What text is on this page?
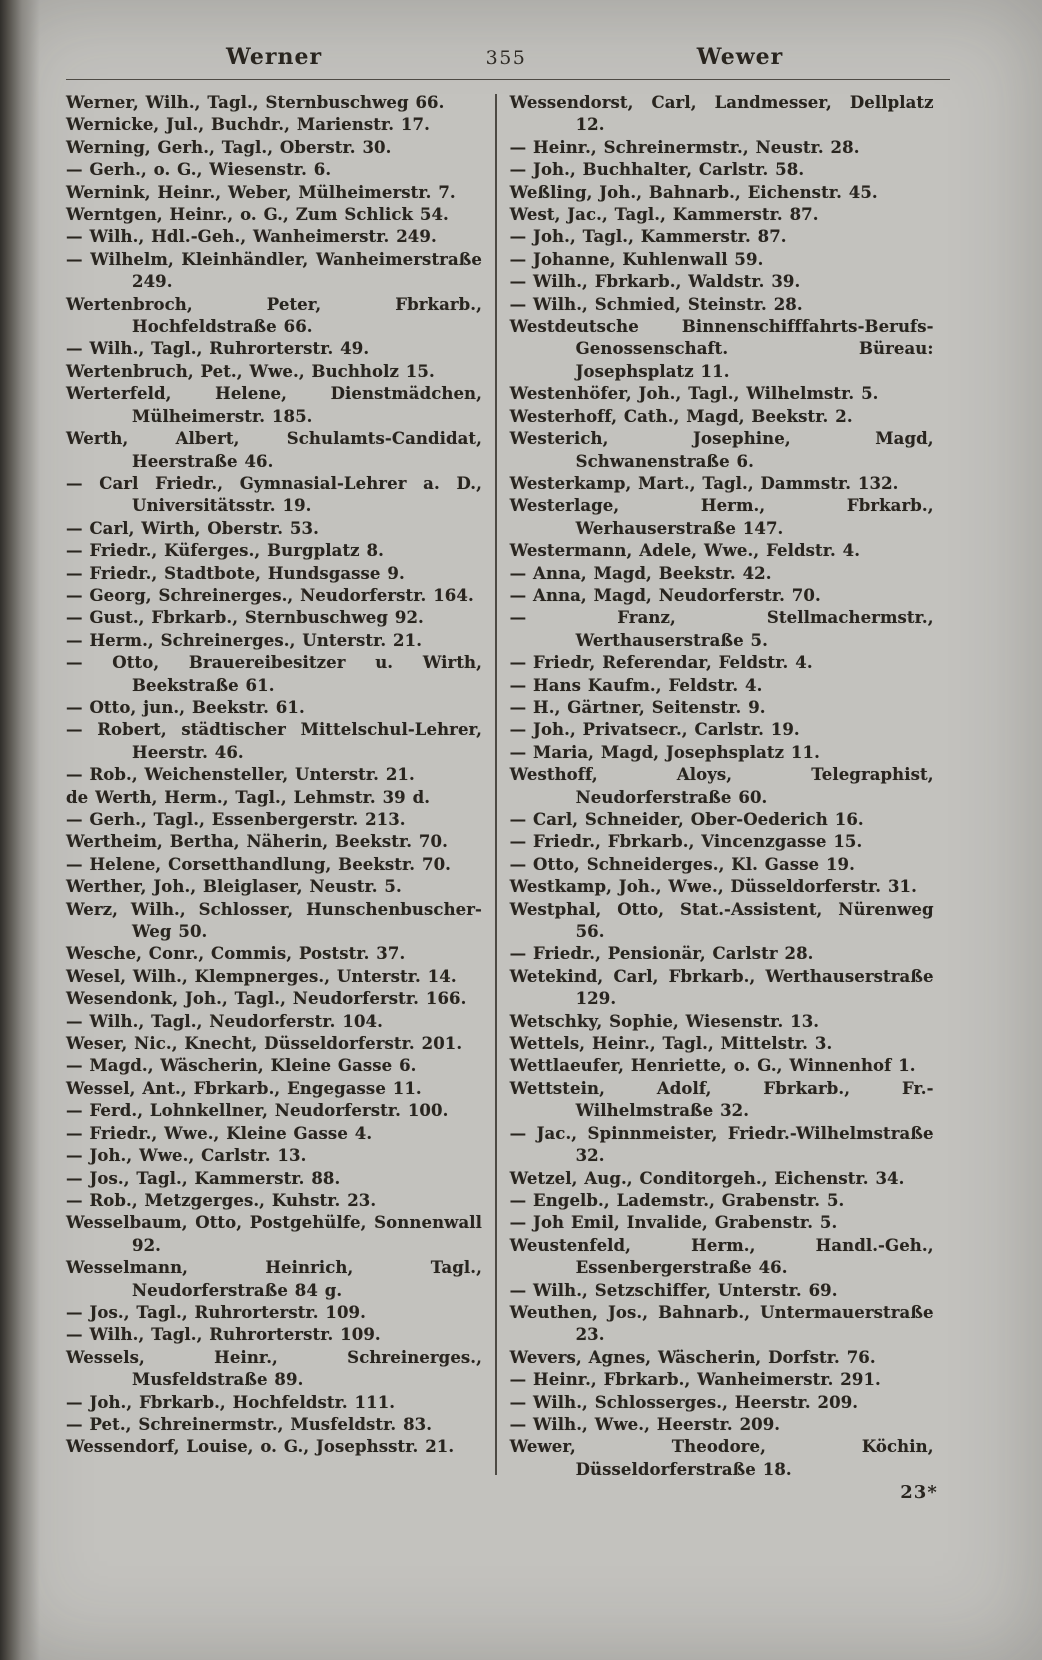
Werner	355	Wewer

Werner, Wilh., Tagl., Sternbuschweg 66.

Wernicke, Jul., Buchdr., Marienstr. 17.

Werning, Gerh., Tagl., Oberstr. 30.

— Gerh., o. G., Wiesenstr. 6.

Wernink, Heinr., Weber, Mülheimerstr. 7.

Werntgen, Heinr., o. G., Zum Schlick 54.

— Wilh., Hdl.-Geh., Wanheimerstr. 249.

— Wilhelm, Kleinhändler, Wanheimerstraße 249.

Wertenbroch, Peter, Fbrkarb., Hochfeldstraße 66.

— Wilh., Tagl., Ruhrorterstr. 49.

Wertenbruch, Pet., Wwe., Buchholz 15.

Werterfeld, Helene, Dienstmädchen, Mülheimerstr. 185.

Werth, Albert, Schulamts-Candidat, Heerstraße 46.

— Carl Friedr., Gymnasial-Lehrer a. D., Universitätsstr. 19.

— Carl, Wirth, Oberstr. 53.

— Friedr., Küferges., Burgplatz 8.

— Friedr., Stadtbote, Hundsgasse 9.

— Georg, Schreinerges., Neudorferstr. 164.

— Gust., Fbrkarb., Sternbuschweg 92.

— Herm., Schreinerges., Unterstr. 21.

— Otto, Brauereibesitzer u. Wirth, Beekstraße 61.

— Otto, jun., Beekstr. 61.

— Robert, städtischer Mittelschul-Lehrer, Heerstr. 46.

— Rob., Weichensteller, Unterstr. 21.

de Werth, Herm., Tagl., Lehmstr. 39 d.

— Gerh., Tagl., Essenbergerstr. 213.

Wertheim, Bertha, Näherin, Beekstr. 70.

— Helene, Corsetthandlung, Beekstr. 70.

Werther, Joh., Bleiglaser, Neustr. 5.

Werz, Wilh., Schlosser, Hunschenbuscher-Weg 50.

Wesche, Conr., Commis, Poststr. 37.

Wesel, Wilh., Klempnerges., Unterstr. 14.

Wesendonk, Joh., Tagl., Neudorferstr. 166.

— Wilh., Tagl., Neudorferstr. 104.

Weser, Nic., Knecht, Düsseldorferstr. 201.

— Magd., Wäscherin, Kleine Gasse 6.

Wessel, Ant., Fbrkarb., Engegasse 11.

— Ferd., Lohnkellner, Neudorferstr. 100.

— Friedr., Wwe., Kleine Gasse 4.

— Joh., Wwe., Carlstr. 13.

— Jos., Tagl., Kammerstr. 88.

— Rob., Metzgerges., Kuhstr. 23.

Wesselbaum, Otto, Postgehülfe, Sonnenwall 92.

Wesselmann, Heinrich, Tagl., Neudorferstraße 84 g.

— Jos., Tagl., Ruhrorterstr. 109.

— Wilh., Tagl., Ruhrorterstr. 109.

Wessels, Heinr., Schreinerges., Musfeldstraße 89.

— Joh., Fbrkarb., Hochfeldstr. 111.

— Pet., Schreinermstr., Musfeldstr. 83.

Wessendorf, Louise, o. G., Josephsstr. 21.

Wessendorst, Carl, Landmesser, Dellplatz 12.

— Heinr., Schreinermstr., Neustr. 28.

— Joh., Buchhalter, Carlstr. 58.

Weßling, Joh., Bahnarb., Eichenstr. 45.

West, Jac., Tagl., Kammerstr. 87.

— Joh., Tagl., Kammerstr. 87.

— Johanne, Kuhlenwall 59.

— Wilh., Fbrkarb., Waldstr. 39.

— Wilh., Schmied, Steinstr. 28.

Westdeutsche Binnenschifffahrts-Berufs-Genossenschaft. Büreau: Josephsplatz 11.

Westenhöfer, Joh., Tagl., Wilhelmstr. 5.

Westerhoff, Cath., Magd, Beekstr. 2.

Westerich, Josephine, Magd, Schwanenstraße 6.

Westerkamp, Mart., Tagl., Dammstr. 132.

Westerlage, Herm., Fbrkarb., Werhauserstraße 147.

Westermann, Adele, Wwe., Feldstr. 4.

— Anna, Magd, Beekstr. 42.

— Anna, Magd, Neudorferstr. 70.

— Franz, Stellmachermstr., Werthauserstraße 5.

— Friedr, Referendar, Feldstr. 4.

— Hans Kaufm., Feldstr. 4.

— H., Gärtner, Seitenstr. 9.

— Joh., Privatsecr., Carlstr. 19.

— Maria, Magd, Josephsplatz 11.

Westhoff, Aloys, Telegraphist, Neudorferstraße 60.

— Carl, Schneider, Ober-Oederich 16.

— Friedr., Fbrkarb., Vincenzgasse 15.

— Otto, Schneiderges., Kl. Gasse 19.

Westkamp, Joh., Wwe., Düsseldorferstr. 31.

Westphal, Otto, Stat.-Assistent, Nürenweg 56.

— Friedr., Pensionär, Carlstr 28.

Wetekind, Carl, Fbrkarb., Werthauserstraße 129.

Wetschky, Sophie, Wiesenstr. 13.

Wettels, Heinr., Tagl., Mittelstr. 3.

Wettlaeufer, Henriette, o. G., Winnenhof 1.

Wettstein, Adolf, Fbrkarb., Fr.-Wilhelmstraße 32.

— Jac., Spinnmeister, Friedr.-Wilhelmstraße 32.

Wetzel, Aug., Conditorgeh., Eichenstr. 34.

— Engelb., Lademstr., Grabenstr. 5.

— Joh Emil, Invalide, Grabenstr. 5.

Weustenfeld, Herm., Handl.-Geh., Essenbergerstraße 46.

— Wilh., Setzschiffer, Unterstr. 69.

Weuthen, Jos., Bahnarb., Untermauerstraße 23.

Wevers, Agnes, Wäscherin, Dorfstr. 76.

— Heinr., Fbrkarb., Wanheimerstr. 291.

— Wilh., Schlosserges., Heerstr. 209.

— Wilh., Wwe., Heerstr. 209.

Wewer, Theodore, Köchin, Düsseldorferstraße 18.

23*
